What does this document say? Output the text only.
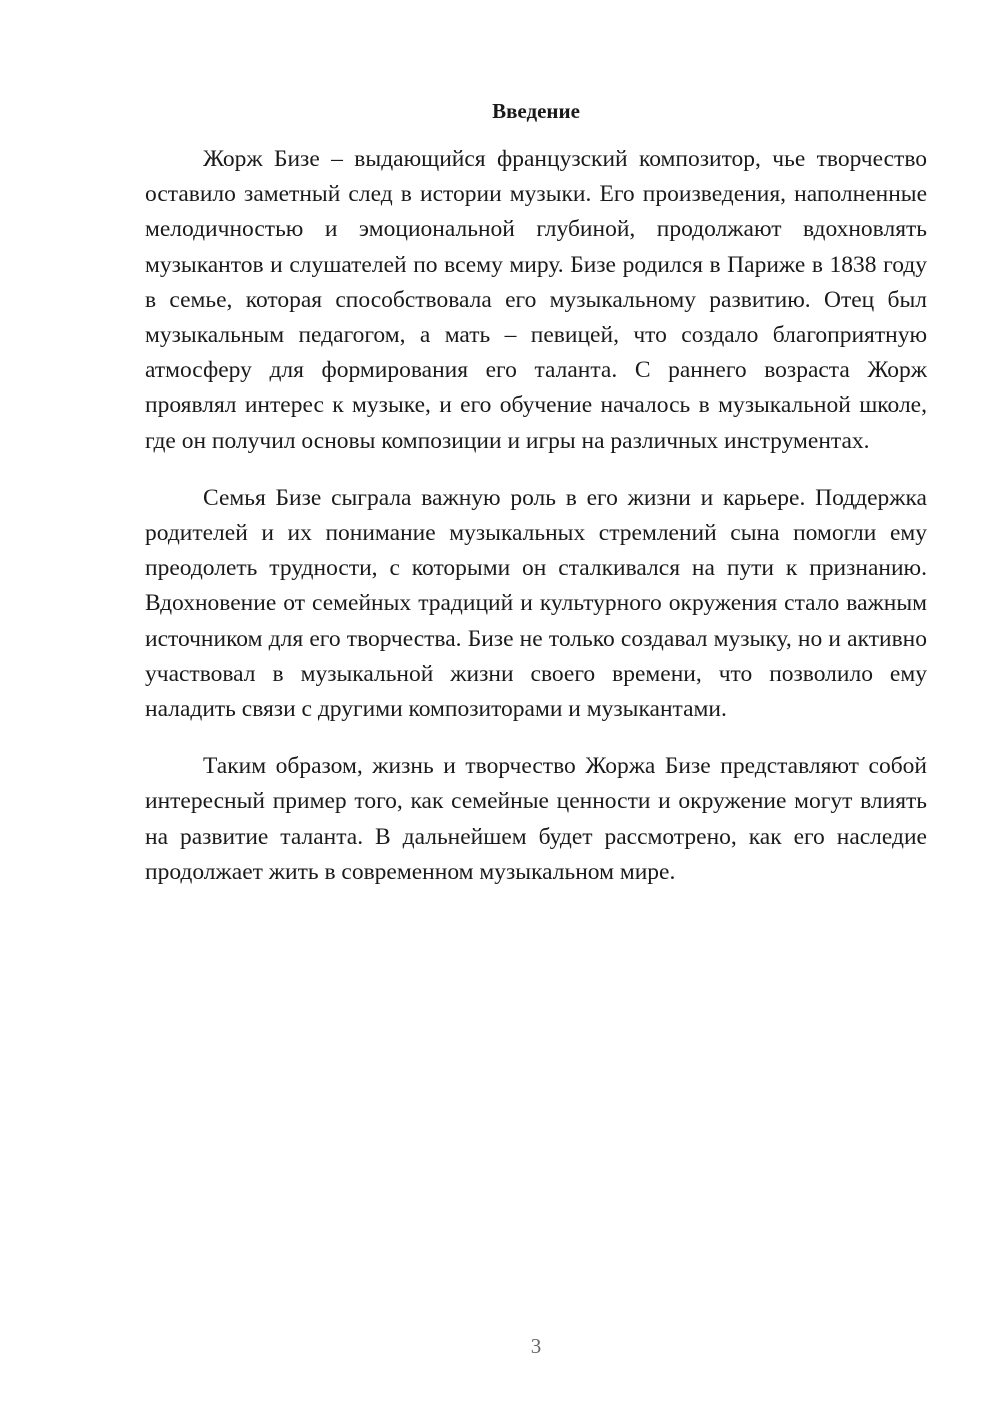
Введение

Жорж Бизе – выдающийся французский композитор, чье творчество оставило заметный след в истории музыки. Его произведения, наполненные мелодичностью и эмоциональной глубиной, продолжают вдохновлять музыкантов и слушателей по всему миру. Бизе родился в Париже в 1838 году в семье, которая способствовала его музыкальному развитию. Отец был музыкальным педагогом, а мать – певицей, что создало благоприятную атмосферу для формирования его таланта. С раннего возраста Жорж проявлял интерес к музыке, и его обучение началось в музыкальной школе, где он получил основы композиции и игры на различных инструментах.

Семья Бизе сыграла важную роль в его жизни и карьере. Поддержка родителей и их понимание музыкальных стремлений сына помогли ему преодолеть трудности, с которыми он сталкивался на пути к признанию. Вдохновение от семейных традиций и культурного окружения стало важным источником для его творчества. Бизе не только создавал музыку, но и активно участвовал в музыкальной жизни своего времени, что позволило ему наладить связи с другими композиторами и музыкантами.

Таким образом, жизнь и творчество Жоржа Бизе представляют собой интересный пример того, как семейные ценности и окружение могут влиять на развитие таланта. В дальнейшем будет рассмотрено, как его наследие продолжает жить в современном музыкальном мире.

3
